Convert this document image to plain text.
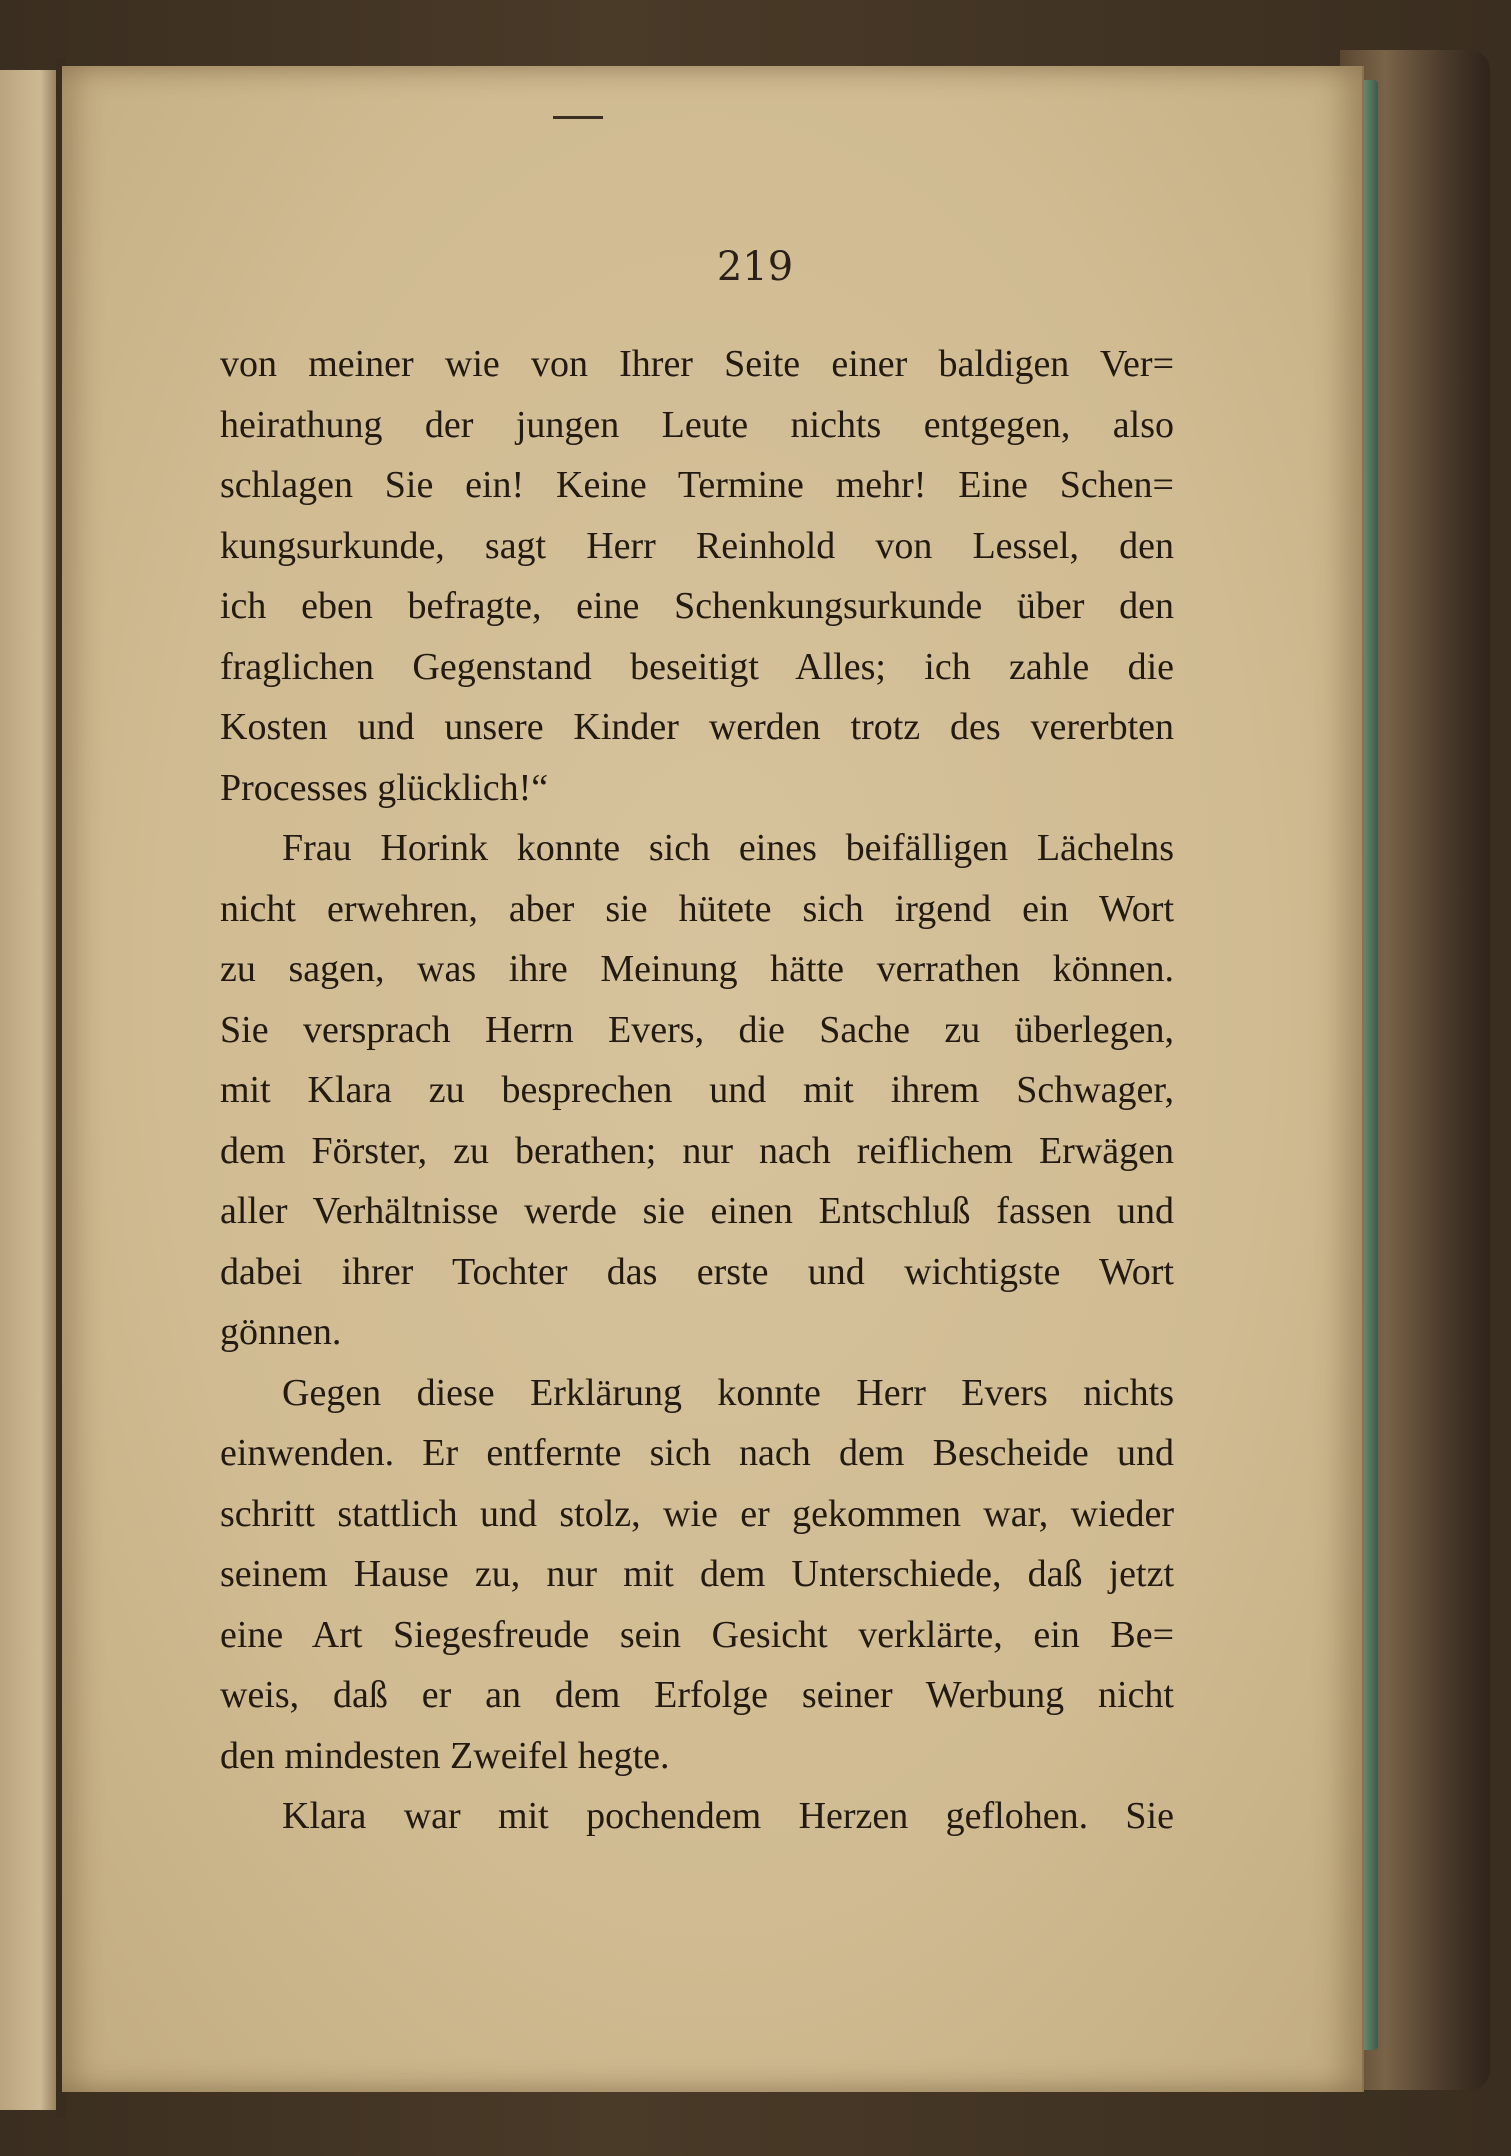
219
von meiner wie von Ihrer Seite einer baldigen Ver=
heirathung der jungen Leute nichts entgegen, also
schlagen Sie ein! Keine Termine mehr! Eine Schen=
kungsurkunde, sagt Herr Reinhold von Lessel, den
ich eben befragte, eine Schenkungsurkunde über den
fraglichen Gegenstand beseitigt Alles; ich zahle die
Kosten und unsere Kinder werden trotz des vererbten
Processes glücklich!“
Frau Horink konnte sich eines beifälligen Lächelns
nicht erwehren, aber sie hütete sich irgend ein Wort
zu sagen, was ihre Meinung hätte verrathen können.
Sie versprach Herrn Evers, die Sache zu überlegen,
mit Klara zu besprechen und mit ihrem Schwager,
dem Förster, zu berathen; nur nach reiflichem Erwägen
aller Verhältnisse werde sie einen Entschluß fassen und
dabei ihrer Tochter das erste und wichtigste Wort
gönnen.
Gegen diese Erklärung konnte Herr Evers nichts
einwenden. Er entfernte sich nach dem Bescheide und
schritt stattlich und stolz, wie er gekommen war, wieder
seinem Hause zu, nur mit dem Unterschiede, daß jetzt
eine Art Siegesfreude sein Gesicht verklärte, ein Be=
weis, daß er an dem Erfolge seiner Werbung nicht
den mindesten Zweifel hegte.
Klara war mit pochendem Herzen geflohen. Sie
